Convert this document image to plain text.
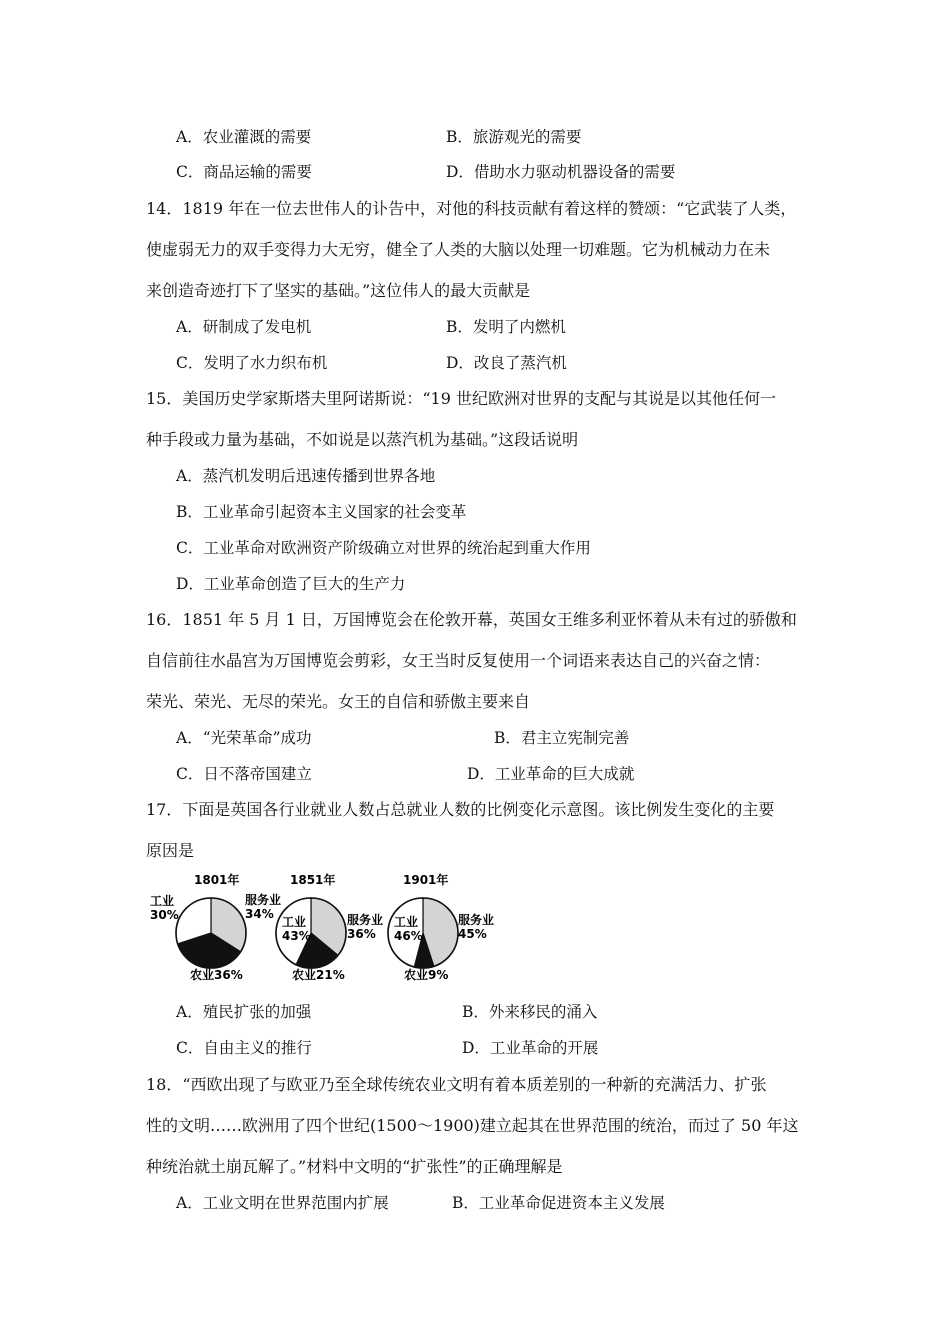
A．农业灌溉的需要	B．旅游观光的需要
C．商品运输的需要	D．借助水力驱动机器设备的需要
14．1819 年在一位去世伟人的讣告中，对他的科技贡献有着这样的赞颂：“它武装了人类，
使虚弱无力的双手变得力大无穷，健全了人类的大脑以处理一切难题。它为机械动力在未
来创造奇迹打下了坚实的基础。”这位伟人的最大贡献是
A．研制成了发电机	B．发明了内燃机
C．发明了水力织布机	D．改良了蒸汽机
15．美国历史学家斯塔夫里阿诺斯说：“19 世纪欧洲对世界的支配与其说是以其他任何一
种手段或力量为基础，不如说是以蒸汽机为基础。”这段话说明
A．蒸汽机发明后迅速传播到世界各地
B．工业革命引起资本主义国家的社会变革
C．工业革命对欧洲资产阶级确立对世界的统治起到重大作用
D．工业革命创造了巨大的生产力
16．1851 年 5 月 1 日，万国博览会在伦敦开幕，英国女王维多利亚怀着从未有过的骄傲和
自信前往水晶宫为万国博览会剪彩，女王当时反复使用一个词语来表达自己的兴奋之情：
荣光、荣光、无尽的荣光。女王的自信和骄傲主要来自
A．“光荣革命”成功	B．君主立宪制完善
C．日不落帝国建立	D．工业革命的巨大成就
17．下面是英国各行业就业人数占总就业人数的比例变化示意图。该比例发生变化的主要
原因是
1801年
工业
30%
服务业
34%
农业 36%
1851年
工业
43%
服务业
36%
农业 21%
1901年
工业
46%
服务业
45%
农业 9%
A．殖民扩张的加强	B．外来移民的涌入
C．自由主义的推行	D．工业革命的开展
18．“西欧出现了与欧亚乃至全球传统农业文明有着本质差别的一种新的充满活力、扩张
性的文明……欧洲用了四个世纪(1500～1900)建立起其在世界范围的统治，而过了 50 年这
种统治就土崩瓦解了。”材料中文明的“扩张性”的正确理解是
A．工业文明在世界范围内扩展	B．工业革命促进资本主义发展
